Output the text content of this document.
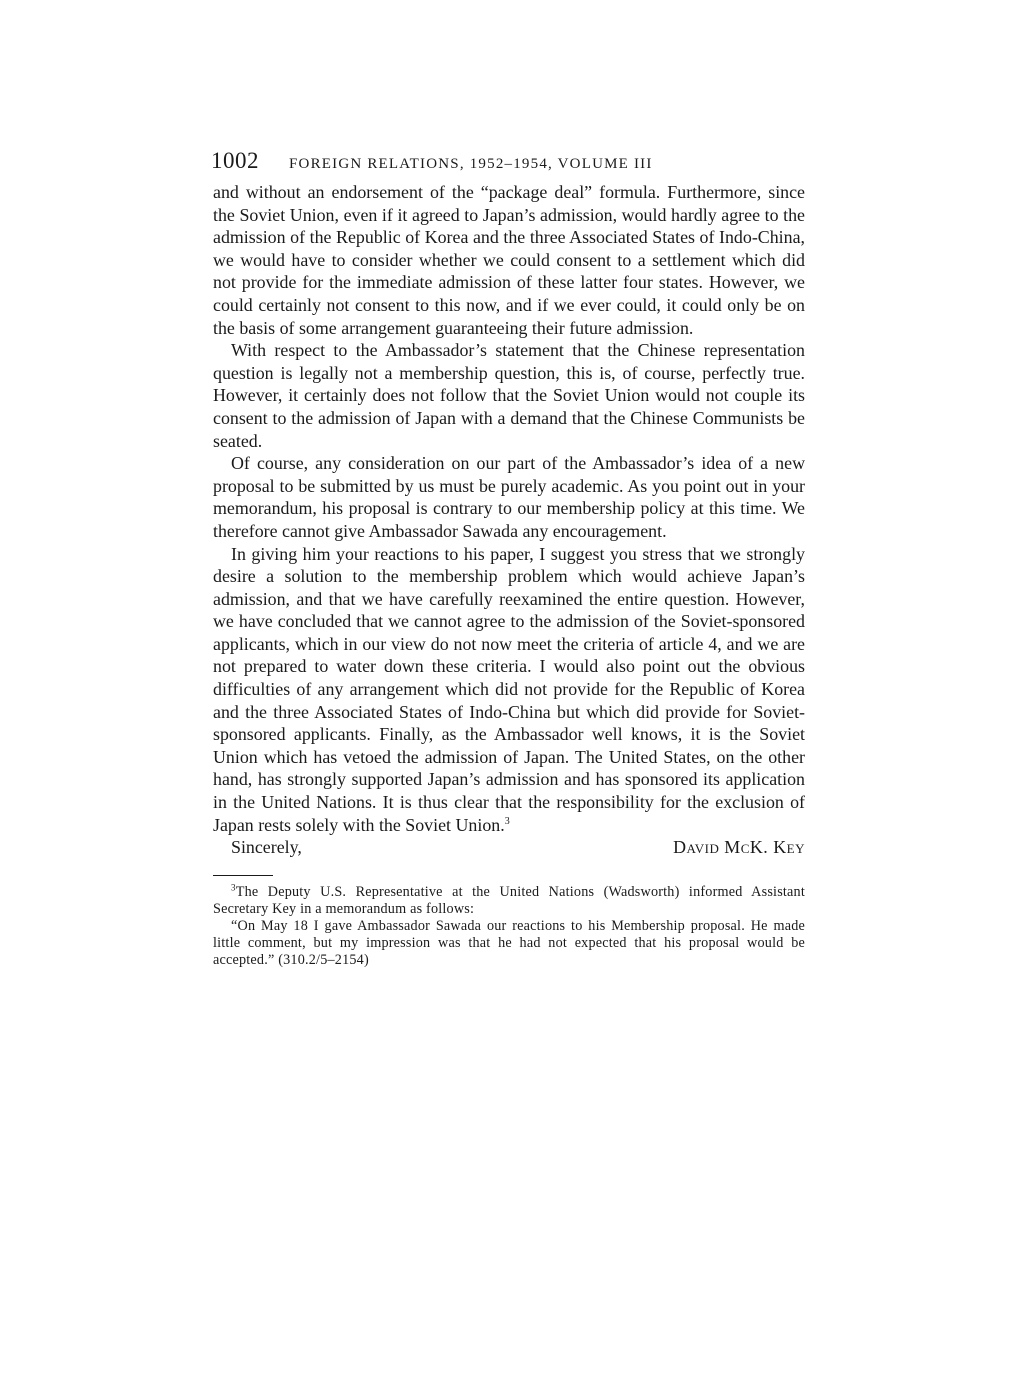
1002 FOREIGN RELATIONS, 1952–1954, VOLUME III

and without an endorsement of the “package deal” formula. Furthermore, since the Soviet Union, even if it agreed to Japan’s admission, would hardly agree to the admission of the Republic of Korea and the three Associated States of Indo-China, we would have to consider whether we could consent to a settlement which did not provide for the immediate admission of these latter four states. However, we could certainly not consent to this now, and if we ever could, it could only be on the basis of some arrangement guaranteeing their future admission.

With respect to the Ambassador’s statement that the Chinese representation question is legally not a membership question, this is, of course, perfectly true. However, it certainly does not follow that the Soviet Union would not couple its consent to the admission of Japan with a demand that the Chinese Communists be seated.

Of course, any consideration on our part of the Ambassador’s idea of a new proposal to be submitted by us must be purely academic. As you point out in your memorandum, his proposal is contrary to our membership policy at this time. We therefore cannot give Ambassador Sawada any encouragement.

In giving him your reactions to his paper, I suggest you stress that we strongly desire a solution to the membership problem which would achieve Japan’s admission, and that we have carefully reexamined the entire question. However, we have concluded that we cannot agree to the admission of the Soviet-sponsored applicants, which in our view do not now meet the criteria of article 4, and we are not prepared to water down these criteria. I would also point out the obvious difficulties of any arrangement which did not provide for the Republic of Korea and the three Associated States of Indo-China but which did provide for Soviet-sponsored applicants. Finally, as the Ambassador well knows, it is the Soviet Union which has vetoed the admission of Japan. The United States, on the other hand, has strongly supported Japan’s admission and has sponsored its application in the United Nations. It is thus clear that the responsibility for the exclusion of Japan rests solely with the Soviet Union.$^3$

Sincerely,	David McK. Key

$^3$The Deputy U.S. Representative at the United Nations (Wadsworth) informed Assistant Secretary Key in a memorandum as follows:

“On May 18 I gave Ambassador Sawada our reactions to his Membership proposal. He made little comment, but my impression was that he had not expected that his proposal would be accepted.” (310.2/5–2154)
